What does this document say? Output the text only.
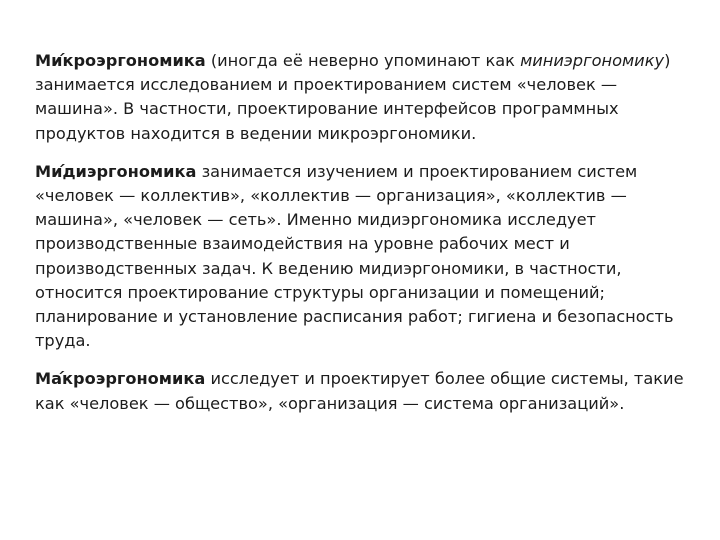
Микроэргономика (иногда её неверно упоминают как миниэргономику) занимается исследованием и проектированием систем «человек — машина». В частности, проектирование интерфейсов программных продуктов находится в ведении микроэргономики.

Мидиэргономика занимается изучением и проектированием систем «человек — коллектив», «коллектив — организация», «коллектив — машина», «человек — сеть». Именно мидиэргономика исследует производственные взаимодействия на уровне рабочих мест и производственных задач. К ведению мидиэргономики, в частности, относится проектирование структуры организации и помещений; планирование и установление расписания работ; гигиена и безопасность труда.

Макроэргономика исследует и проектирует более общие системы, такие как «человек — общество», «организация — система организаций».
